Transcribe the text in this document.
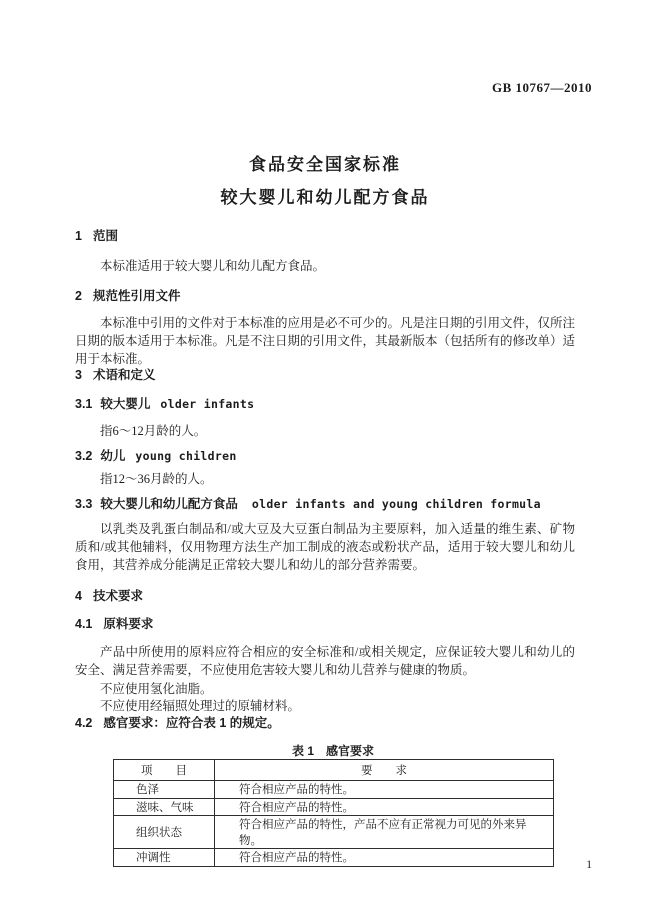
GB 10767—2010
食品安全国家标准
较大婴儿和幼儿配方食品
1 范围

本标准适用于较大婴儿和幼儿配方食品。

2 规范性引用文件

本标准中引用的文件对于本标准的应用是必不可少的。凡是注日期的引用文件，仅所注日期的版本适用于本标准。凡是不注日期的引用文件，其最新版本（包括所有的修改单）适用于本标准。

3 术语和定义
3.1 较大婴儿 older infants

指6～12月龄的人。

3.2 幼儿 young children

指12～36月龄的人。

3.3 较大婴儿和幼儿配方食品 older infants and young children formula

以乳类及乳蛋白制品和/或大豆及大豆蛋白制品为主要原料，加入适量的维生素、矿物质和/或其他辅料，仅用物理方法生产加工制成的液态或粉状产品，适用于较大婴儿和幼儿食用，其营养成分能满足正常较大婴儿和幼儿的部分营养需要。

4 技术要求
4.1 原料要求

产品中所使用的原料应符合相应的安全标准和/或相关规定，应保证较大婴儿和幼儿的安全、满足营养需要，不应使用危害较大婴儿和幼儿营养与健康的物质。

不应使用氢化油脂。

不应使用经辐照处理过的原辅材料。

4.2 感官要求：应符合表 1 的规定。
表 1　感官要求
项　　目	要　　求
色泽	符合相应产品的特性。
滋味、气味	符合相应产品的特性。
组织状态	符合相应产品的特性，产品不应有正常视力可见的外来异物。
冲调性	符合相应产品的特性。
1
